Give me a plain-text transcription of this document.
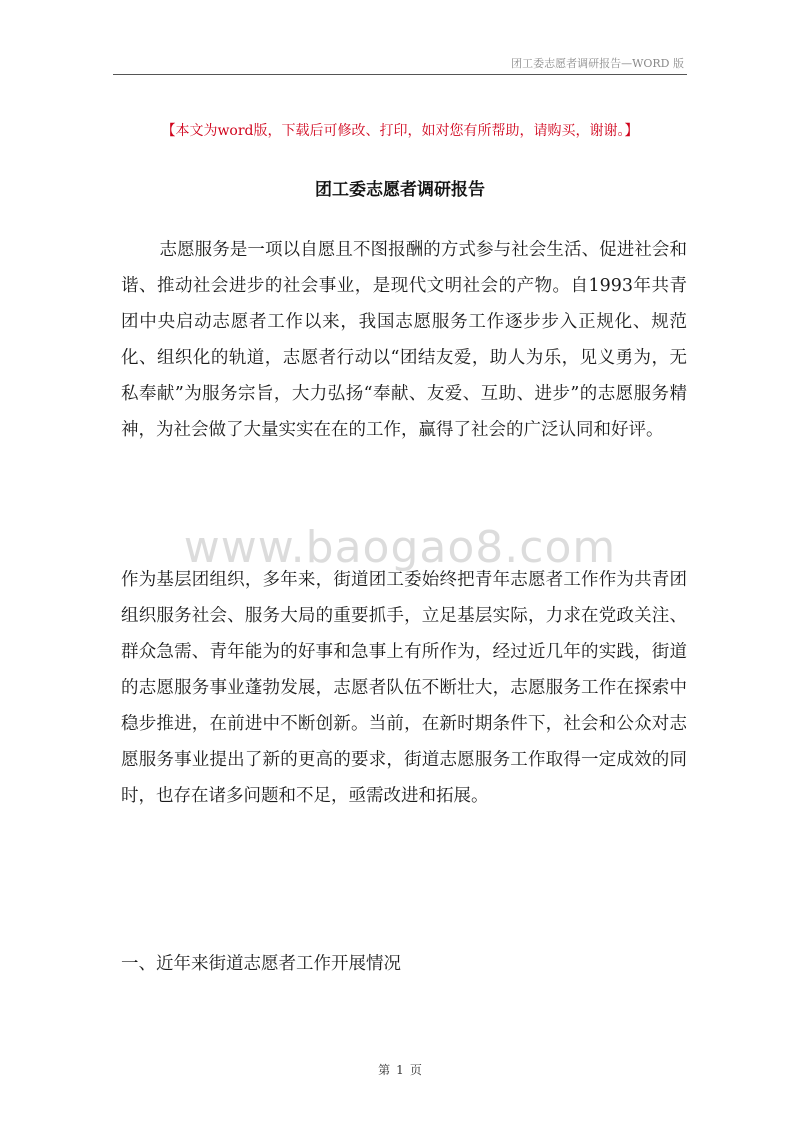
团工委志愿者调研报告—WORD 版
【本文为word版，下载后可修改、打印，如对您有所帮助，请购买，谢谢。】
团工委志愿者调研报告
志愿服务是一项以自愿且不图报酬的方式参与社会生活、促进社会和谐、推动社会进步的社会事业，是现代文明社会的产物。自1993年共青团中央启动志愿者工作以来，我国志愿服务工作逐步步入正规化、规范化、组织化的轨道，志愿者行动以“团结友爱，助人为乐，见义勇为，无私奉献”为服务宗旨，大力弘扬“奉献、友爱、互助、进步”的志愿服务精神，为社会做了大量实实在在的工作，赢得了社会的广泛认同和好评。
www.baogao8.com
作为基层团组织，多年来，街道团工委始终把青年志愿者工作作为共青团组织服务社会、服务大局的重要抓手，立足基层实际，力求在党政关注、群众急需、青年能为的好事和急事上有所作为，经过近几年的实践，街道的志愿服务事业蓬勃发展，志愿者队伍不断壮大，志愿服务工作在探索中稳步推进，在前进中不断创新。当前，在新时期条件下，社会和公众对志愿服务事业提出了新的更高的要求，街道志愿服务工作取得一定成效的同时，也存在诸多问题和不足，亟需改进和拓展。
一、近年来街道志愿者工作开展情况
第 1 页
